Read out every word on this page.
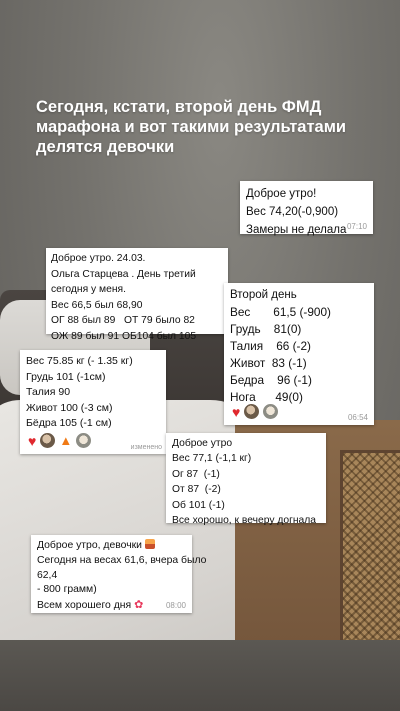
Сегодня, кстати, второй день ФМД марафона и вот такими результатами делятся девочки

Доброе утро!
Вес 74,20(-0,900)
Замеры не делала 07:10
Доброе утро. 24.03.
Ольга Старцева . День третий
сегодня у меня.
Вес 66,5 был 68,90
ОГ 88 был 89   ОТ 79 было 82
ОЖ 89 был 91 ОБ104 был 105
Второй день
Вес       61,5 (-900)
Грудь    81(0)
Талия    66 (-2)
Живот  83 (-1)
Бедра    96 (-1)
Нога      49(0)
♥	06:54
Вес 75.85 кг (- 1.35 кг)
Грудь 101 (-1см)
Талия 90
Живот 100 (-3 см)
Бёдра 105 (-1 см)
♥ ▲	изменено Доброе утро
Вес 77,1 (-1,1 кг)
Ог 87  (-1)
От 87  (-2)
Об 101 (-1)
Все хорошо, к вечеру догнала
Доброе утро, девочки
Сегодня на весах 61,6, вчера было
62,4
- 800 грамм)
Всем хорошего дня ✿	08:00
